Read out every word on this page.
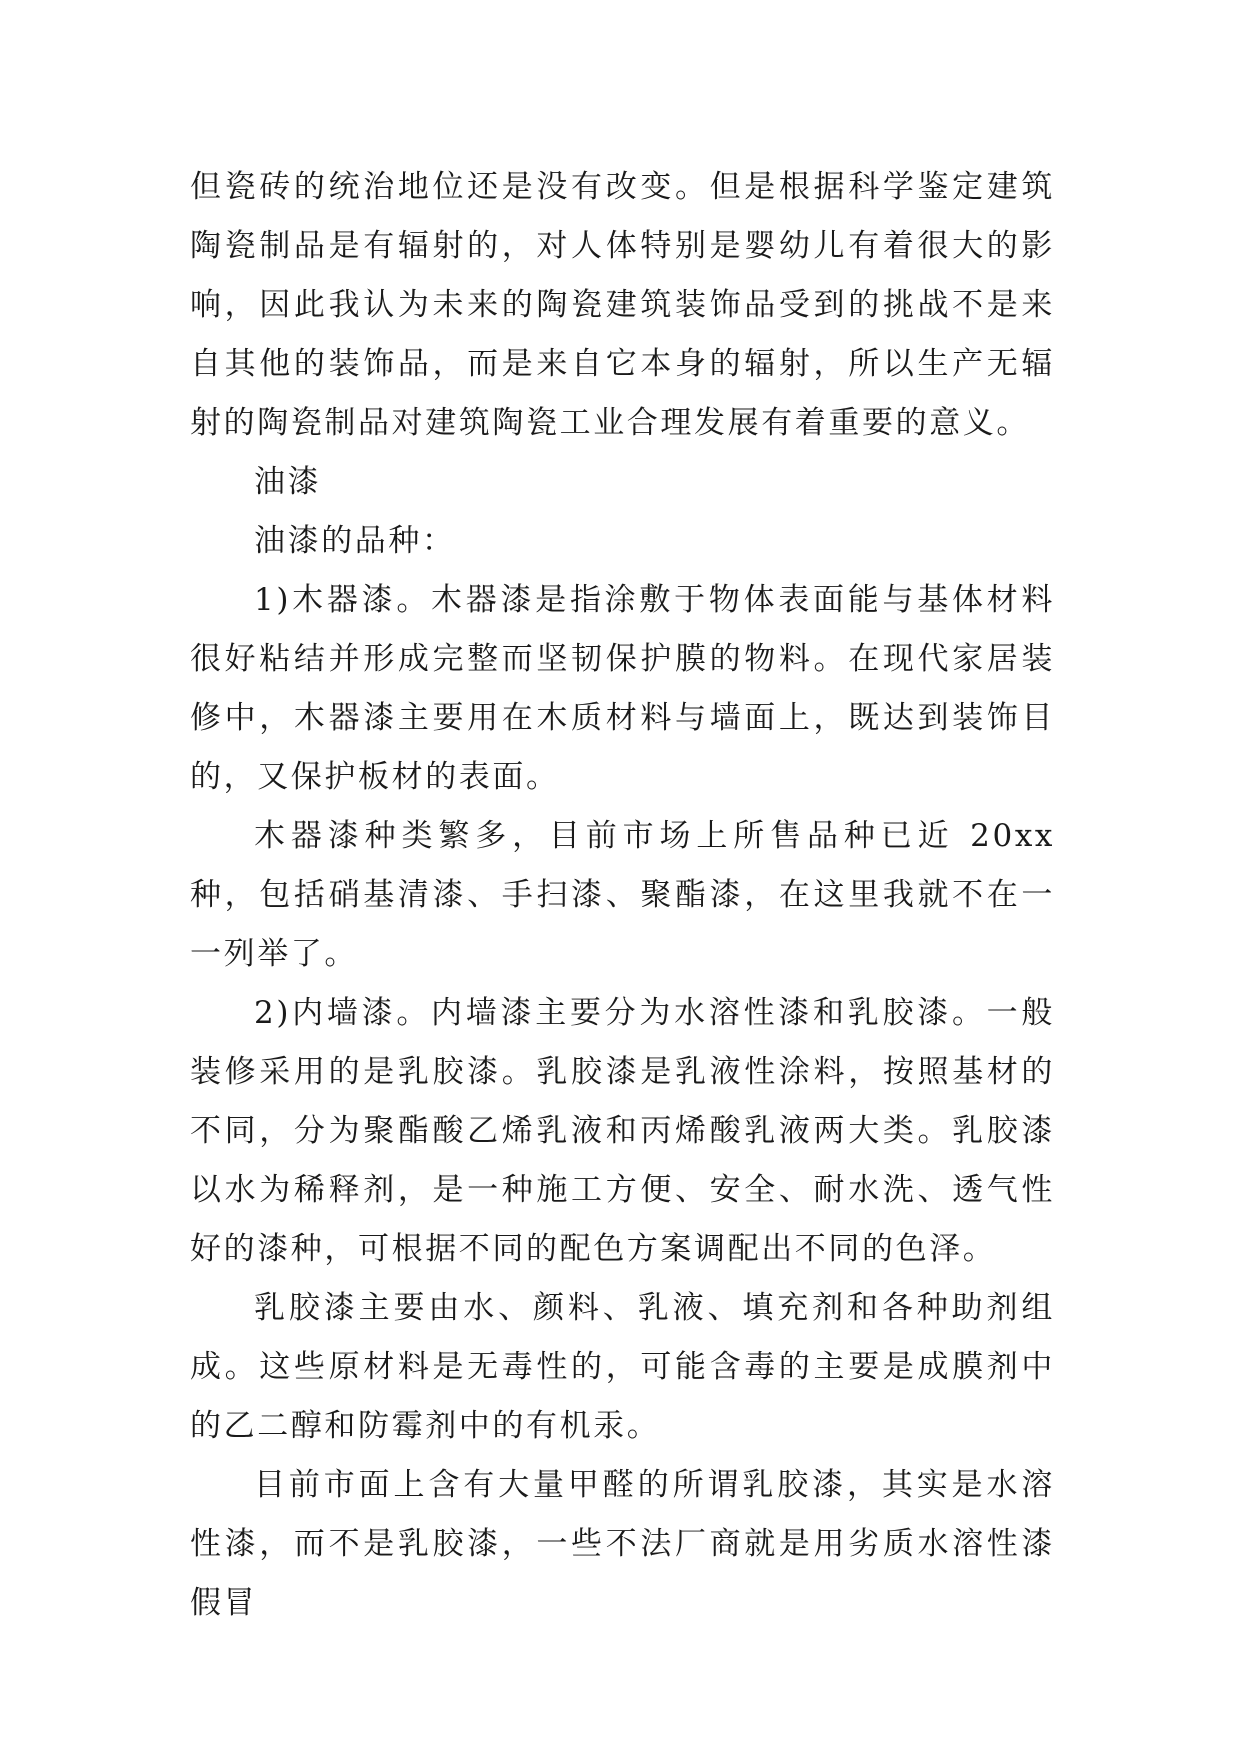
但瓷砖的统治地位还是没有改变。但是根据科学鉴定建筑陶瓷制品是有辐射的，对人体特别是婴幼儿有着很大的影响，因此我认为未来的陶瓷建筑装饰品受到的挑战不是来自其他的装饰品，而是来自它本身的辐射，所以生产无辐射的陶瓷制品对建筑陶瓷工业合理发展有着重要的意义。

油漆

油漆的品种：

1)木器漆。木器漆是指涂敷于物体表面能与基体材料很好粘结并形成完整而坚韧保护膜的物料。在现代家居装修中，木器漆主要用在木质材料与墙面上，既达到装饰目的，又保护板材的表面。

木器漆种类繁多，目前市场上所售品种已近 20xx 种，包括硝基清漆、手扫漆、聚酯漆，在这里我就不在一一列举了。

2)内墙漆。内墙漆主要分为水溶性漆和乳胶漆。一般装修采用的是乳胶漆。乳胶漆是乳液性涂料，按照基材的不同，分为聚酯酸乙烯乳液和丙烯酸乳液两大类。乳胶漆以水为稀释剂，是一种施工方便、安全、耐水洗、透气性好的漆种，可根据不同的配色方案调配出不同的色泽。

乳胶漆主要由水、颜料、乳液、填充剂和各种助剂组成。这些原材料是无毒性的，可能含毒的主要是成膜剂中的乙二醇和防霉剂中的有机汞。

目前市面上含有大量甲醛的所谓乳胶漆，其实是水溶性漆，而不是乳胶漆，一些不法厂商就是用劣质水溶性漆假冒
